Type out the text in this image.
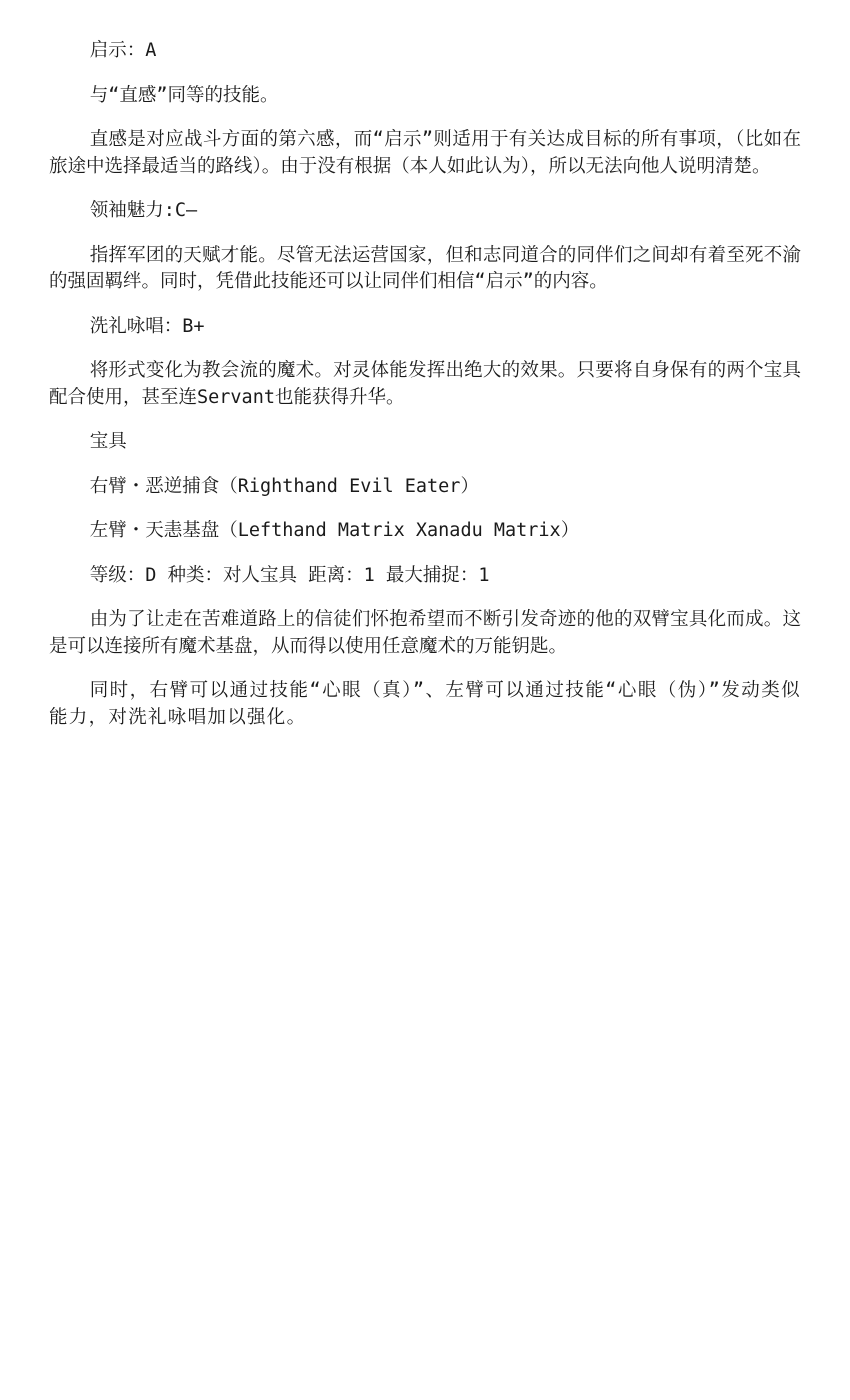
启示：A

与“直感”同等的技能。

直感是对应战斗方面的第六感，而“启示”则适用于有关达成目标的所有事项，（比如在旅途中选择最适当的路线）。由于没有根据（本人如此认为），所以无法向他人说明清楚。

领袖魅力:C—

指挥军团的天赋才能。尽管无法运营国家，但和志同道合的同伴们之间却有着至死不渝的强固羁绊。同时，凭借此技能还可以让同伴们相信“启示”的内容。

洗礼咏唱：B+

将形式变化为教会流的魔术。对灵体能发挥出绝大的效果。只要将自身保有的两个宝具配合使用，甚至连Servant也能获得升华。

宝具

右臂・恶逆捕食（Righthand Evil Eater）

左臂・天恚基盘（Lefthand Matrix Xanadu Matrix）

等级：D 种类：对人宝具 距离：1 最大捕捉：1

由为了让走在苦难道路上的信徒们怀抱希望而不断引发奇迹的他的双臂宝具化而成。这是可以连接所有魔术基盘，从而得以使用任意魔术的万能钥匙。

同时，右臂可以通过技能“心眼（真）”、左臂可以通过技能“心眼（伪）”发动类似能力，对洗礼咏唱加以强化。
